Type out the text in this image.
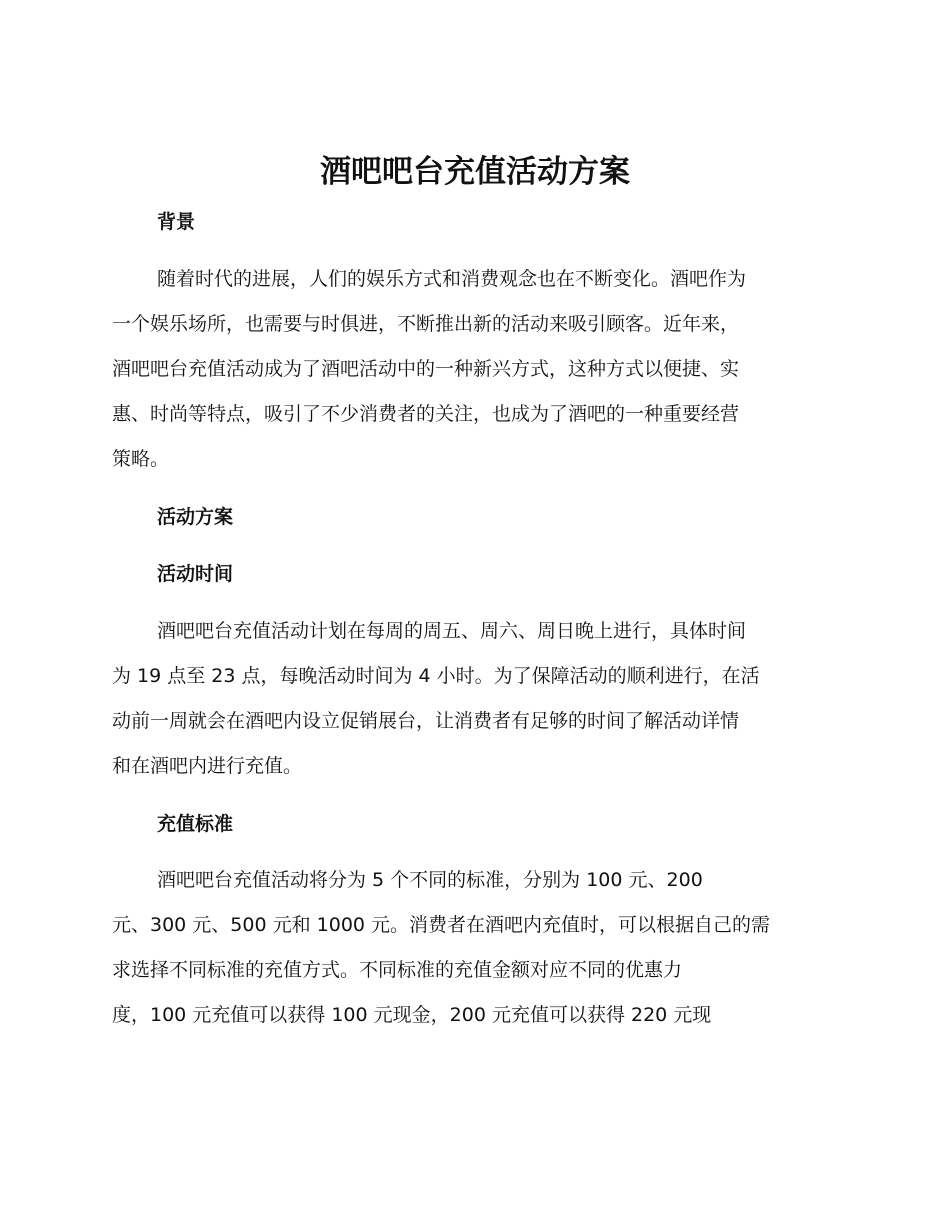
酒吧吧台充值活动方案
背景

随着时代的进展，人们的娱乐方式和消费观念也在不断变化。酒吧作为
一个娱乐场所，也需要与时俱进，不断推出新的活动来吸引顾客。近年来，
酒吧吧台充值活动成为了酒吧活动中的一种新兴方式，这种方式以便捷、实
惠、时尚等特点，吸引了不少消费者的关注，也成为了酒吧的一种重要经营
策略。

活动方案
活动时间

酒吧吧台充值活动计划在每周的周五、周六、周日晚上进行，具体时间
为 19 点至 23 点，每晚活动时间为 4 小时。为了保障活动的顺利进行，在活
动前一周就会在酒吧内设立促销展台，让消费者有足够的时间了解活动详情
和在酒吧内进行充值。

充值标准

酒吧吧台充值活动将分为 5 个不同的标准，分别为 100 元、200
元、300 元、500 元和 1000 元。消费者在酒吧内充值时，可以根据自己的需
求选择不同标准的充值方式。不同标准的充值金额对应不同的优惠力
度，100 元充值可以获得 100 元现金，200 元充值可以获得 220 元现
